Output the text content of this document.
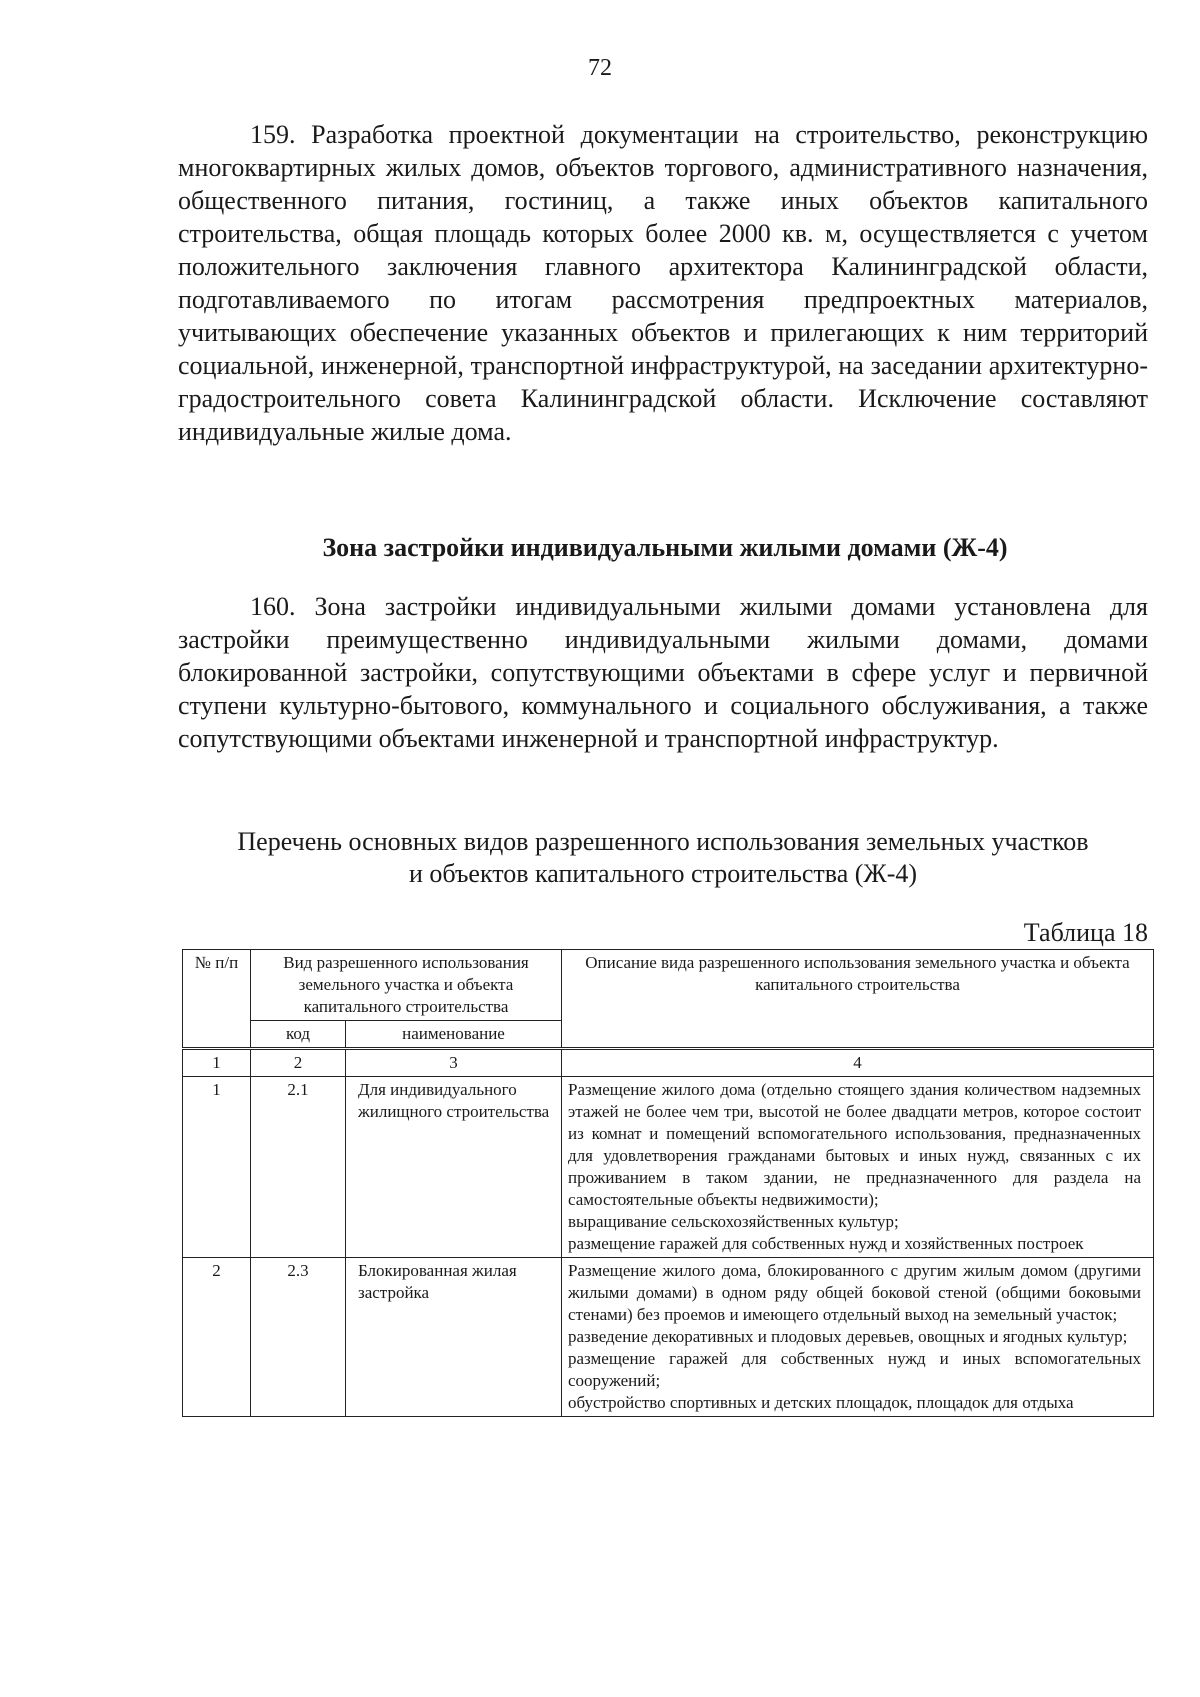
72

159. Разработка проектной документации на строительство, реконструкцию многоквартирных жилых домов, объектов торгового, административного назначения, общественного питания, гостиниц, а также иных объектов капитального строительства, общая площадь которых более 2000 кв. м, осуществляется с учетом положительного заключения главного архитектора Калининградской области, подготавливаемого по итогам рассмотрения предпроектных материалов, учитывающих обеспечение указанных объектов и прилегающих к ним территорий социальной, инженерной, транспортной инфраструктурой, на заседании архитектурно-градостроительного совета Калининградской области. Исключение составляют индивидуальные жилые дома.

Зона застройки индивидуальными жилыми домами (Ж-4)

160. Зона застройки индивидуальными жилыми домами установлена для застройки преимущественно индивидуальными жилыми домами, домами блокированной застройки, сопутствующими объектами в сфере услуг и первичной ступени культурно-бытового, коммунального и социального обслуживания, а также сопутствующими объектами инженерной и транспортной инфраструктур.

Перечень основных видов разрешенного использования земельных участков
и объектов капитального строительства (Ж-4)
Таблица 18
№ п/п	Вид разрешенного использования земельного участка и объекта капитального строительства		Описание вида разрешенного использования земельного участка и объекта капитального строительства
	код	наименование	
1	2	3	4
1	2.1	Для индивидуального жилищного строительства	Размещение жилого дома (отдельно стоящего здания количеством надземных этажей не более чем три, высотой не более двадцати метров, которое состоит из комнат и помещений вспомогательного использования, предназначенных для удовлетворения гражданами бытовых и иных нужд, связанных с их проживанием в таком здании, не предназначенного для раздела на самостоятельные объекты недвижимости);
выращивание сельскохозяйственных культур;
размещение гаражей для собственных нужд и хозяйственных построек

2	2.3	Блокированная жилая застройка	Размещение жилого дома, блокированного с другим жилым домом (другими жилыми домами) в одном ряду общей боковой стеной (общими боковыми стенами) без проемов и имеющего отдельный выход на земельный участок;
разведение декоративных и плодовых деревьев, овощных и ягодных культур;
размещение гаражей для собственных нужд и иных вспомогательных сооружений;
обустройство спортивных и детских площадок, площадок для отдыха
